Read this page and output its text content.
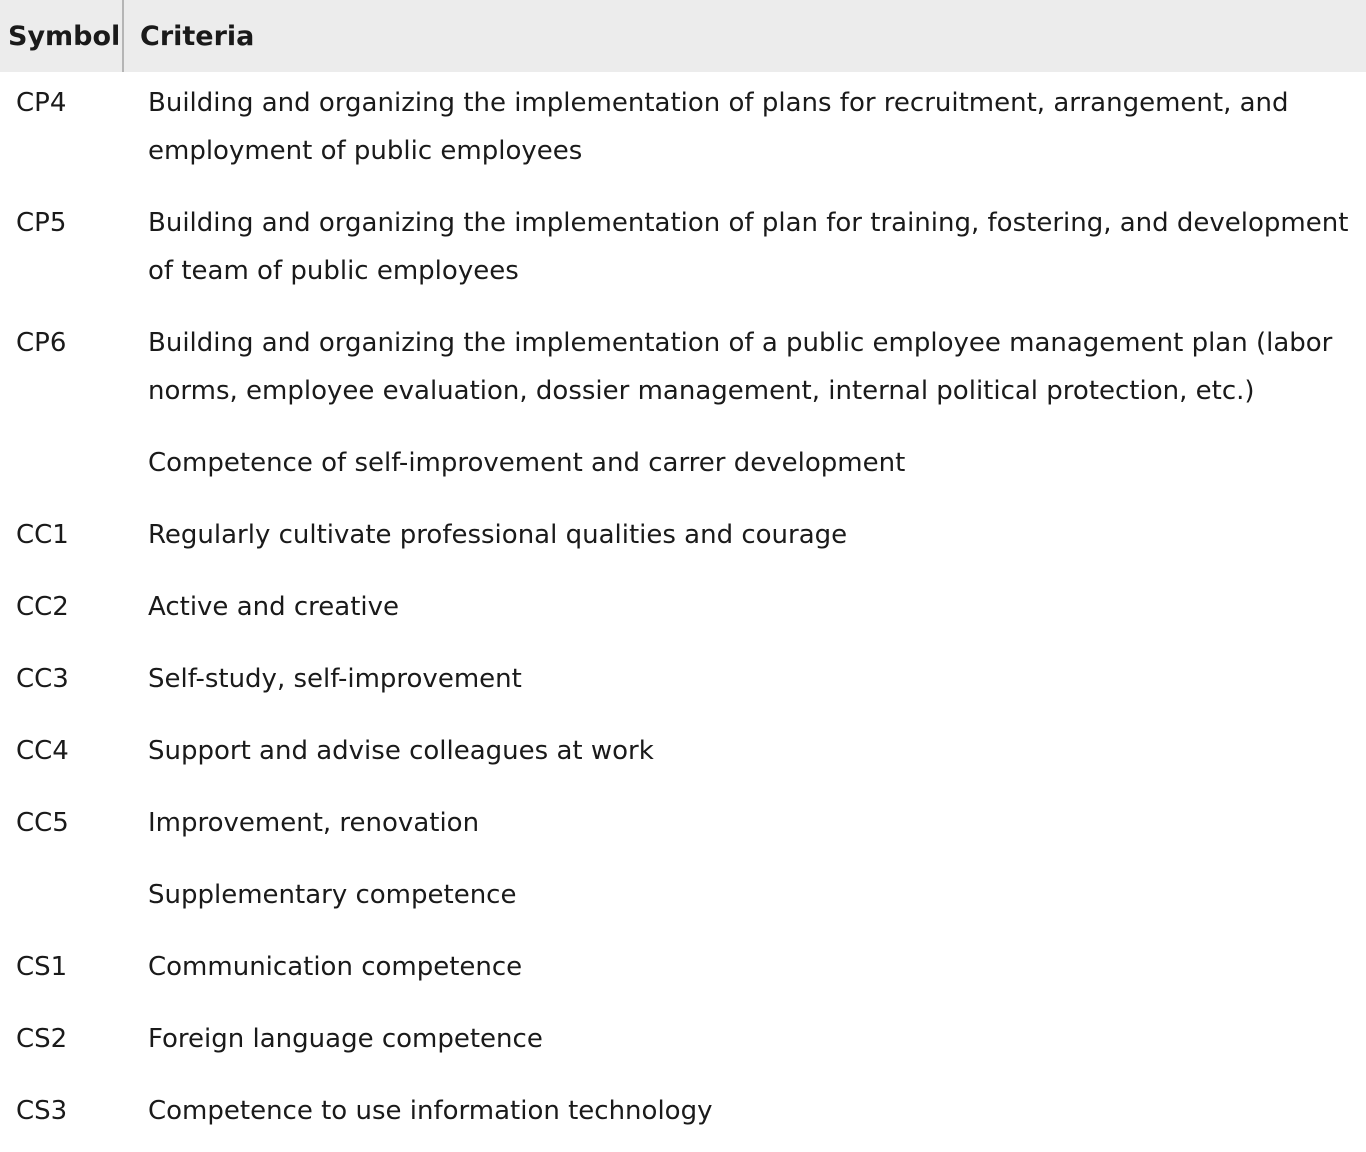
Symbol	Criteria
CP4	Building and organizing the implementation of plans for recruitment, arrangement, and employment of public employees
CP5	Building and organizing the implementation of plan for training, fostering, and development of team of public employees
CP6	Building and organizing the implementation of a public employee management plan (labor norms, employee evaluation, dossier management, internal political protection, etc.)
	Competence of self-improvement and carrer development
CC1	Regularly cultivate professional qualities and courage
CC2	Active and creative
CC3	Self-study, self-improvement
CC4	Support and advise colleagues at work
CC5	Improvement, renovation
	Supplementary competence
CS1	Communication competence
CS2	Foreign language competence
CS3	Competence to use information technology
